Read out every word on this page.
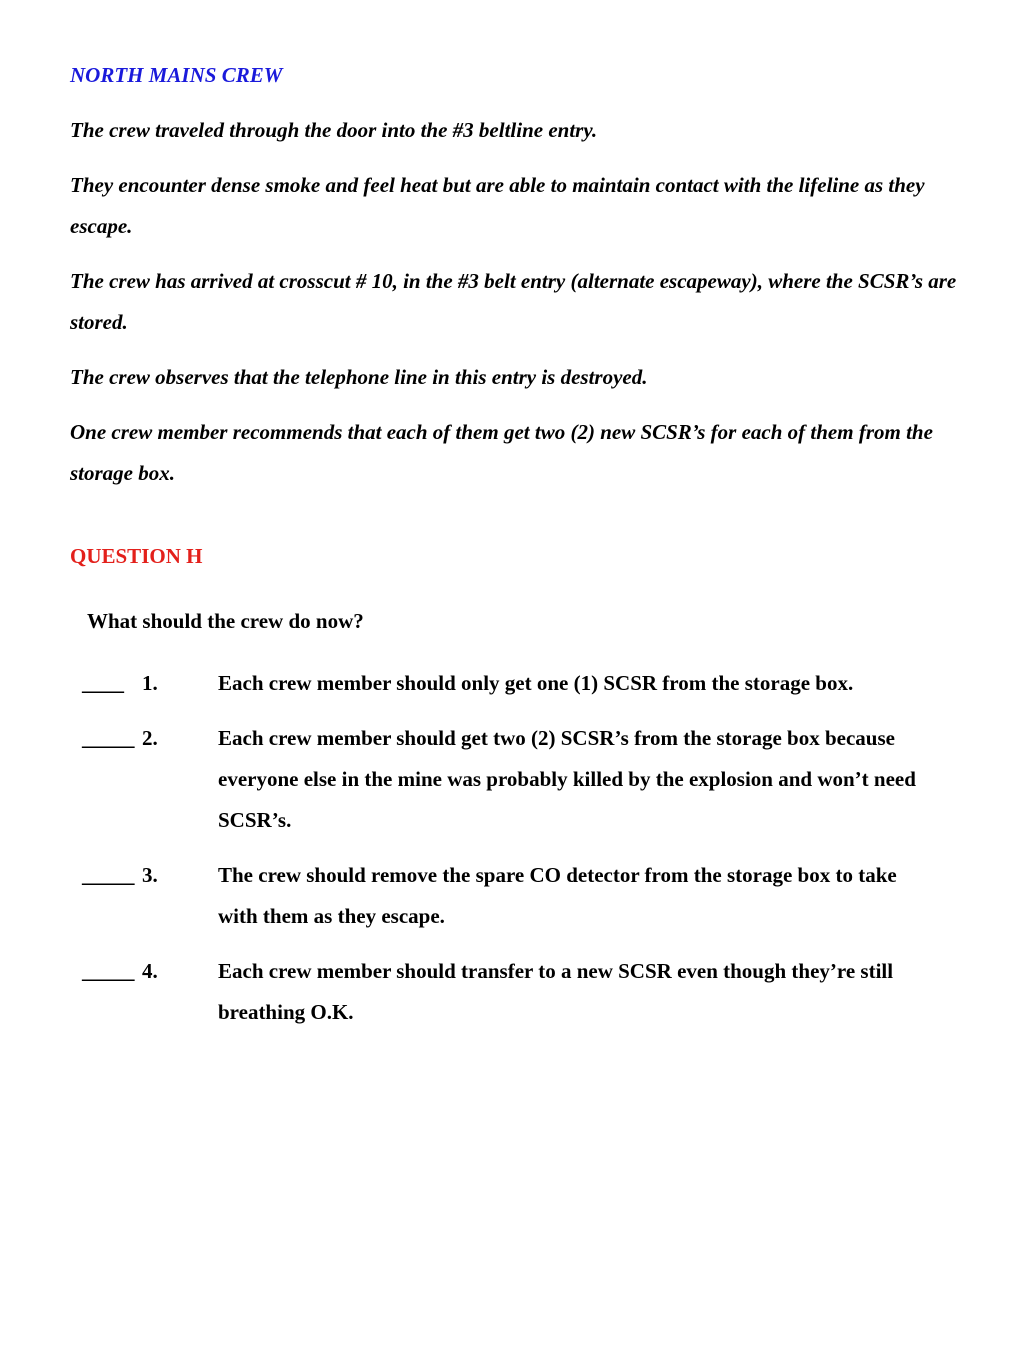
NORTH MAINS CREW

The crew traveled through the door into the #3 beltline entry.

They encounter dense smoke and feel heat but are able to maintain contact with the lifeline as they escape.

The crew has arrived at crosscut # 10, in the #3 belt entry (alternate escapeway), where the SCSR’s are stored.

The crew observes that the telephone line in this entry is destroyed.

One crew member recommends that each of them get two (2) new SCSR’s for each of them from the storage box.

QUESTION H

What should the crew do now?

____ 1.	Each crew member should only get one (1) SCSR from the storage box.
_____ 2.	Each crew member should get two (2) SCSR’s from the storage box because everyone else in the mine was probably killed by the explosion and won’t need SCSR’s.
_____ 3.	The crew should remove the spare CO detector from the storage box to take with them as they escape.
_____ 4.	Each crew member should transfer to a new SCSR even though they’re still breathing O.K.
